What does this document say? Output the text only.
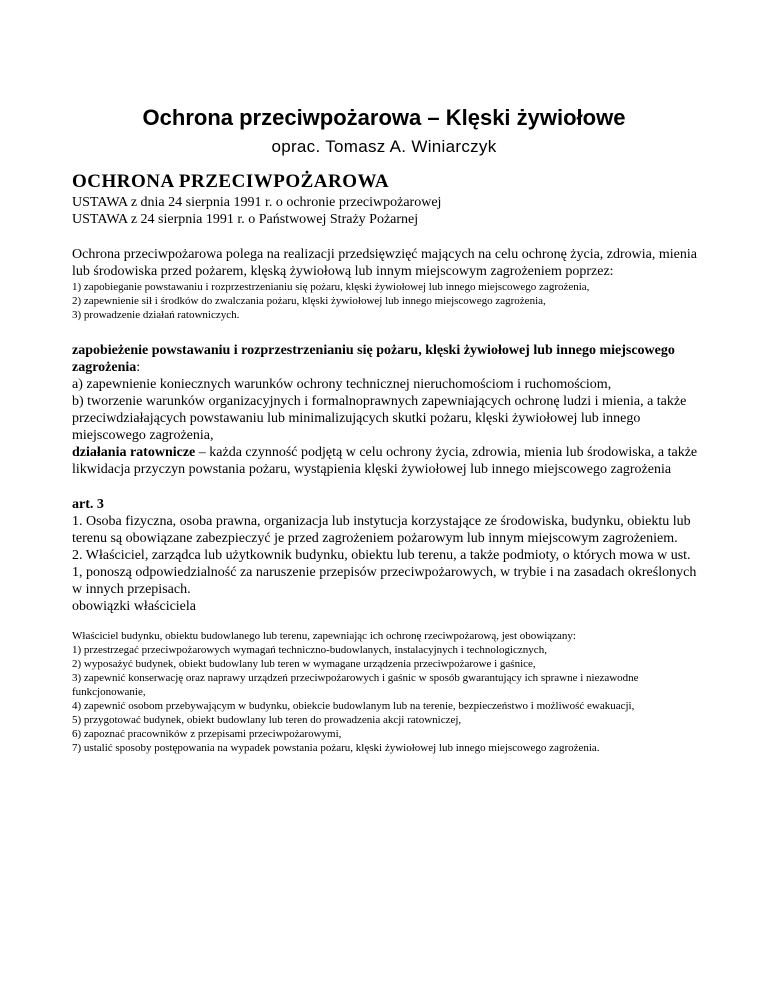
Ochrona przeciwpożarowa – Klęski żywiołowe
oprac. Tomasz A. Winiarczyk
OCHRONA PRZECIWPOŻAROWA

USTAWA z dnia 24 sierpnia 1991 r. o ochronie przeciwpożarowej

USTAWA z 24 sierpnia 1991 r. o Państwowej Straży Pożarnej

Ochrona przeciwpożarowa polega na realizacji przedsięwzięć mających na celu ochronę życia, zdrowia, mienia lub środowiska przed pożarem, klęską żywiołową lub innym miejscowym zagrożeniem poprzez:

1) zapobieganie powstawaniu i rozprzestrzenianiu się pożaru, klęski żywiołowej lub innego miejscowego zagrożenia,

2) zapewnienie sił i środków do zwalczania pożaru, klęski żywiołowej lub innego miejscowego zagrożenia,

3) prowadzenie działań ratowniczych.

zapobieżenie powstawaniu i rozprzestrzenianiu się pożaru, klęski żywiołowej lub innego miejscowego zagrożenia:

a) zapewnienie koniecznych warunków ochrony technicznej nieruchomościom i ruchomościom,

b) tworzenie warunków organizacyjnych i formalnoprawnych zapewniających ochronę ludzi i mienia, a także przeciwdziałających powstawaniu lub minimalizujących skutki pożaru, klęski żywiołowej lub innego miejscowego zagrożenia,

działania ratownicze – każda czynność podjętą w celu ochrony życia, zdrowia, mienia lub środowiska, a także likwidacja przyczyn powstania pożaru, wystąpienia klęski żywiołowej lub innego miejscowego zagrożenia

art. 3

1. Osoba fizyczna, osoba prawna, organizacja lub instytucja korzystające ze środowiska, budynku, obiektu lub terenu są obowiązane zabezpieczyć je przed zagrożeniem pożarowym lub innym miejscowym zagrożeniem.

2. Właściciel, zarządca lub użytkownik budynku, obiektu lub terenu, a także podmioty, o których mowa w ust. 1, ponoszą odpowiedzialność za naruszenie przepisów przeciwpożarowych, w trybie i na zasadach określonych w innych przepisach.

obowiązki właściciela

Właściciel budynku, obiektu budowlanego lub terenu, zapewniając ich ochronę rzeciwpożarową, jest obowiązany:

1) przestrzegać przeciwpożarowych wymagań techniczno-budowlanych, instalacyjnych i technologicznych,

2) wyposażyć budynek, obiekt budowlany lub teren w wymagane urządzenia przeciwpożarowe i gaśnice,

3) zapewnić konserwację oraz naprawy urządzeń przeciwpożarowych i gaśnic w sposób gwarantujący ich sprawne i niezawodne funkcjonowanie,

4) zapewnić osobom przebywającym w budynku, obiekcie budowlanym lub na terenie, bezpieczeństwo i możliwość ewakuacji,

5) przygotować budynek, obiekt budowlany lub teren do prowadzenia akcji ratowniczej,

6) zapoznać pracowników z przepisami przeciwpożarowymi,

7) ustalić sposoby postępowania na wypadek powstania pożaru, klęski żywiołowej lub innego miejscowego zagrożenia.
